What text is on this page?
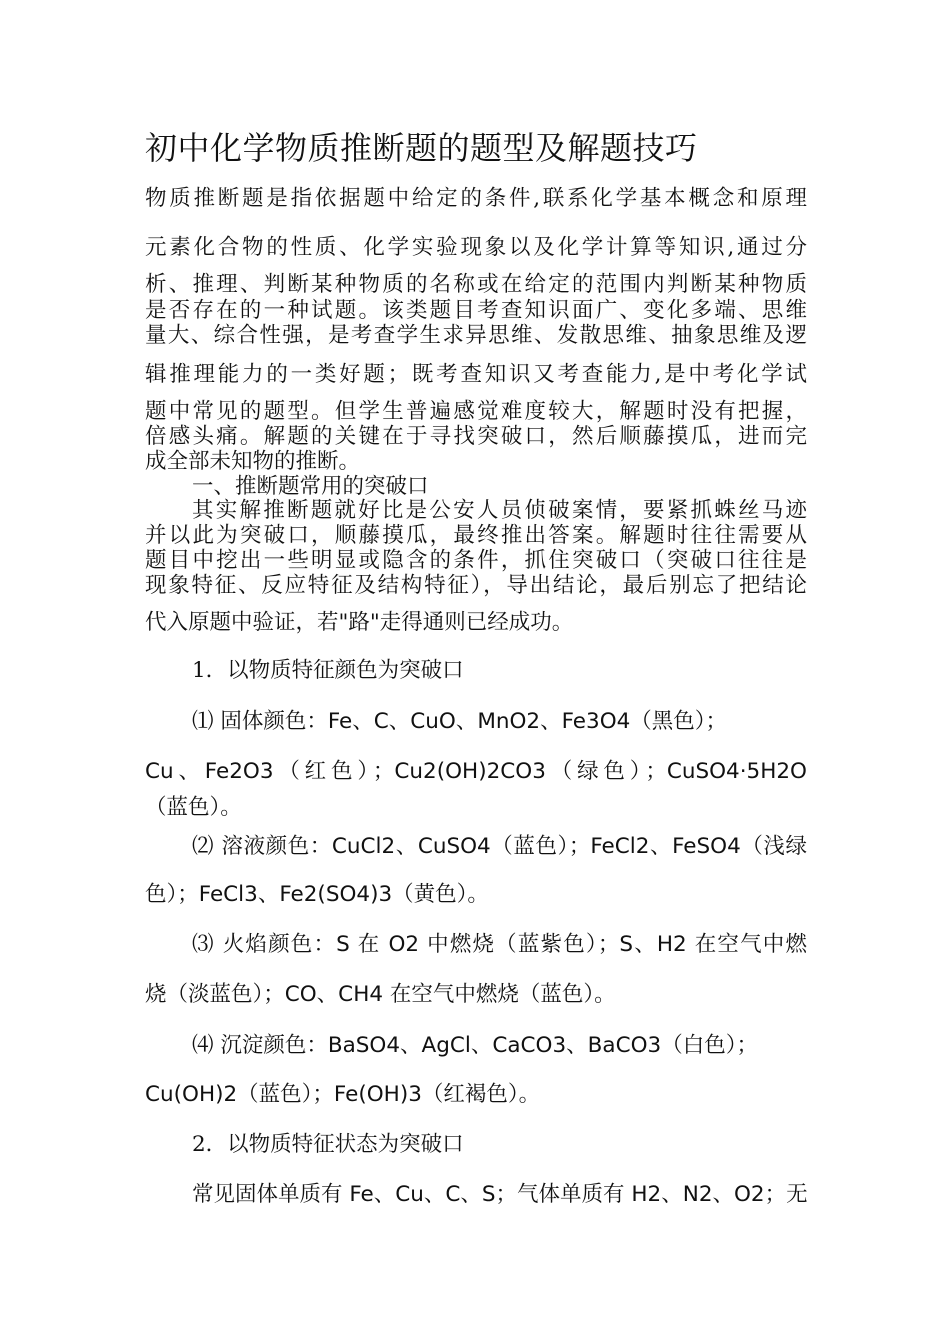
初中化学物质推断题的题型及解题技巧
物质推断题是指依据题中给定的条件,联系化学基本概念和原理
元素化合物的性质、化学实验现象以及化学计算等知识,通过分
析、推理、判断某种物质的名称或在给定的范围内判断某种物质
是否存在的一种试题。该类题目考查知识面广、变化多端、思维
量大、综合性强，是考查学生求异思维、发散思维、抽象思维及逻
辑推理能力的一类好题；既考查知识又考查能力,是中考化学试
题中常见的题型。但学生普遍感觉难度较大，解题时没有把握，
倍感头痛。解题的关键在于寻找突破口，然后顺藤摸瓜，进而完
成全部未知物的推断。
一、推断题常用的突破口
其实解推断题就好比是公安人员侦破案情，要紧抓蛛丝马迹
并以此为突破口，顺藤摸瓜，最终推出答案。解题时往往需要从
题目中挖出一些明显或隐含的条件，抓住突破口（突破口往往是
现象特征、反应特征及结构特征），导出结论，最后别忘了把结论
代入原题中验证，若"路"走得通则已经成功。
1．以物质特征颜色为突破口
⑴ 固体颜色：Fe、C、CuO、MnO2、Fe3O4（黑色）；
Cu、Fe2O3（红色）；Cu2(OH)2CO3（绿色）；CuSO4·5H2O
（蓝色）。
⑵ 溶液颜色：CuCl2、CuSO4（蓝色）；FeCl2、FeSO4（浅绿
色）；FeCl3、Fe2(SO4)3（黄色）。
⑶ 火焰颜色：S 在 O2 中燃烧（蓝紫色）；S、H2 在空气中燃
烧（淡蓝色）；CO、CH4 在空气中燃烧（蓝色）。
⑷ 沉淀颜色：BaSO4、AgCl、CaCO3、BaCO3（白色）；
Cu(OH)2（蓝色）；Fe(OH)3（红褐色）。
2．以物质特征状态为突破口
常见固体单质有 Fe、Cu、C、S；气体单质有 H2、N2、O2；无
